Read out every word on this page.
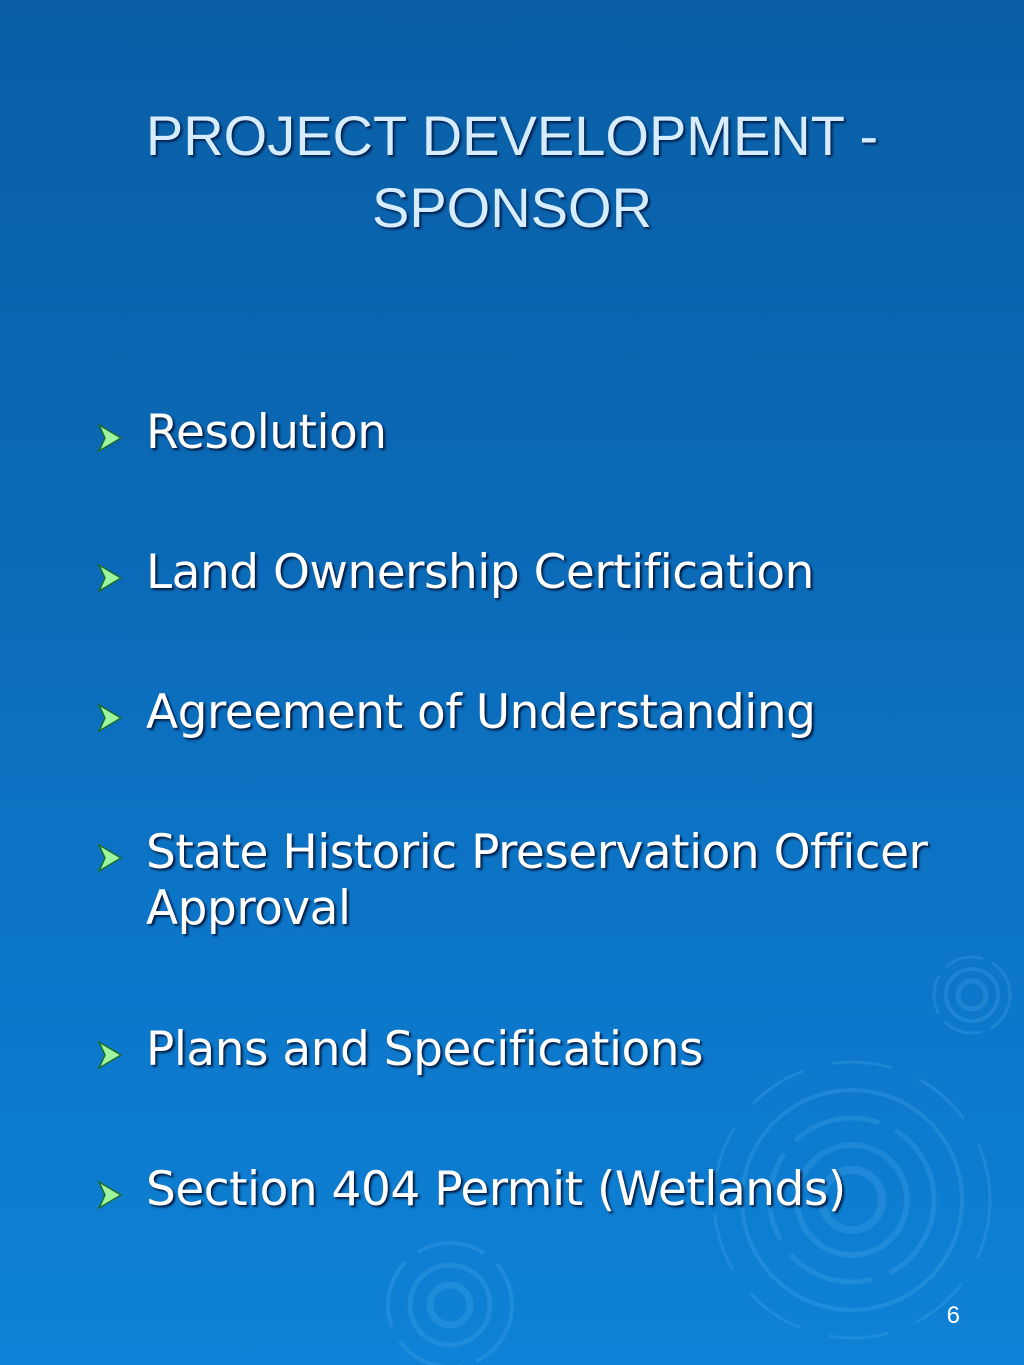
PROJECT DEVELOPMENT -
SPONSOR
Resolution
Land Ownership Certification
Agreement of Understanding
State Historic Preservation Officer
Approval
Plans and Specifications
Section 404 Permit (Wetlands)
6
